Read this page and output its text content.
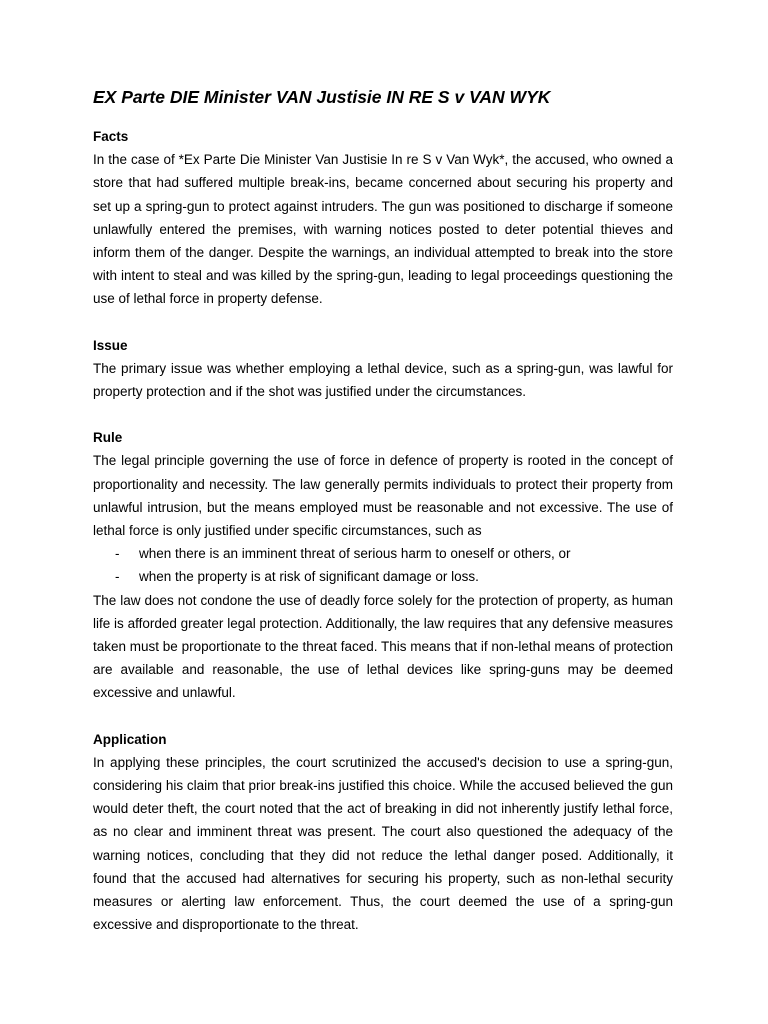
EX Parte DIE Minister VAN Justisie IN RE S v VAN WYK
Facts

In the case of *Ex Parte Die Minister Van Justisie In re S v Van Wyk*, the accused, who owned a store that had suffered multiple break-ins, became concerned about securing his property and set up a spring-gun to protect against intruders. The gun was positioned to discharge if someone unlawfully entered the premises, with warning notices posted to deter potential thieves and inform them of the danger. Despite the warnings, an individual attempted to break into the store with intent to steal and was killed by the spring-gun, leading to legal proceedings questioning the use of lethal force in property defense.

Issue

The primary issue was whether employing a lethal device, such as a spring-gun, was lawful for property protection and if the shot was justified under the circumstances.

Rule

The legal principle governing the use of force in defence of property is rooted in the concept of proportionality and necessity. The law generally permits individuals to protect their property from unlawful intrusion, but the means employed must be reasonable and not excessive. The use of lethal force is only justified under specific circumstances, such as

- when there is an imminent threat of serious harm to oneself or others, or
- when the property is at risk of significant damage or loss.

The law does not condone the use of deadly force solely for the protection of property, as human life is afforded greater legal protection. Additionally, the law requires that any defensive measures taken must be proportionate to the threat faced. This means that if non-lethal means of protection are available and reasonable, the use of lethal devices like spring-guns may be deemed excessive and unlawful.

Application

In applying these principles, the court scrutinized the accused's decision to use a spring-gun, considering his claim that prior break-ins justified this choice. While the accused believed the gun would deter theft, the court noted that the act of breaking in did not inherently justify lethal force, as no clear and imminent threat was present. The court also questioned the adequacy of the warning notices, concluding that they did not reduce the lethal danger posed. Additionally, it found that the accused had alternatives for securing his property, such as non-lethal security measures or alerting law enforcement. Thus, the court deemed the use of a spring-gun excessive and disproportionate to the threat.
